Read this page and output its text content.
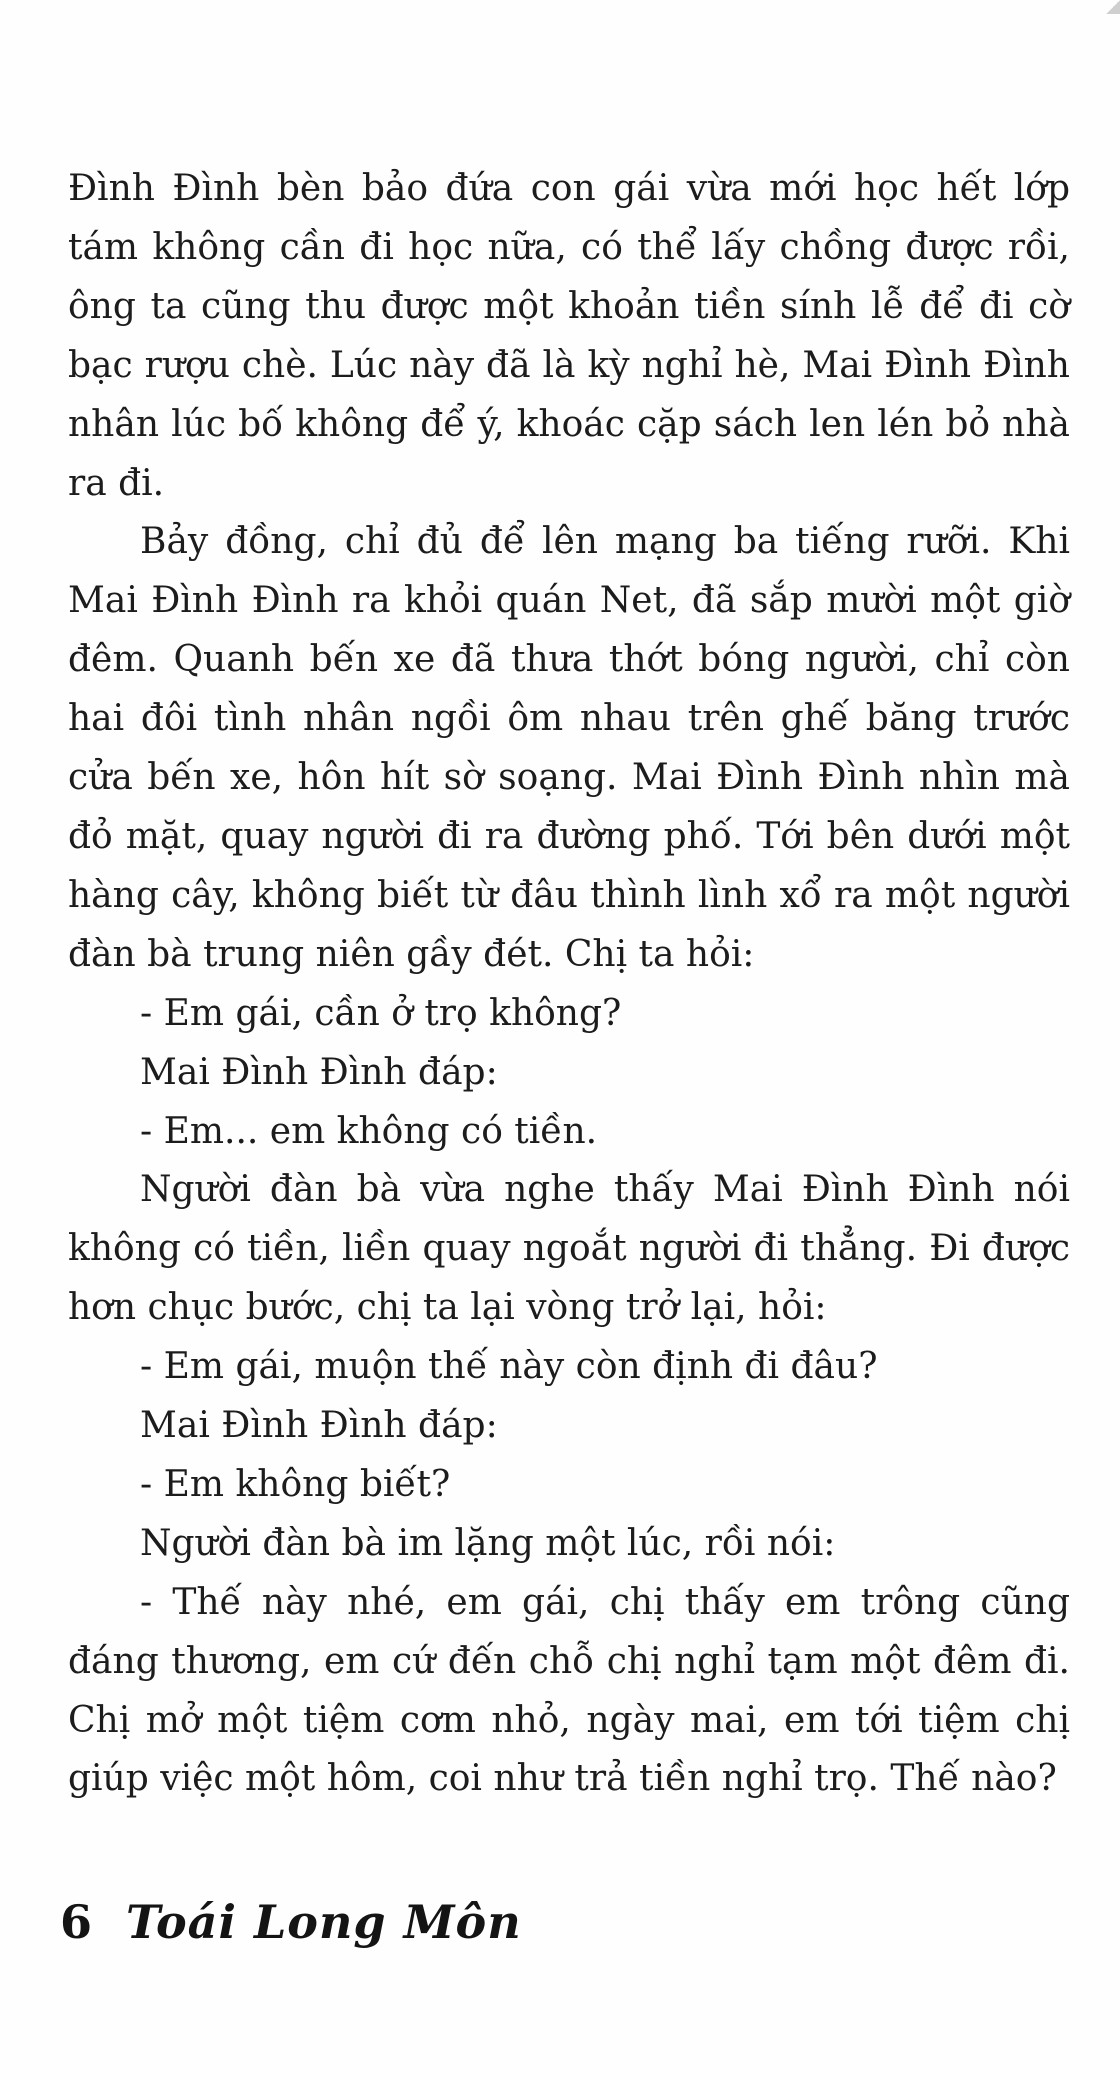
Đình Đình bèn bảo đứa con gái vừa mới học hết lớp tám không cần đi học nữa, có thể lấy chồng được rồi, ông ta cũng thu được một khoản tiền sính lễ để đi cờ bạc rượu chè. Lúc này đã là kỳ nghỉ hè, Mai Đình Đình nhân lúc bố không để ý, khoác cặp sách len lén bỏ nhà ra đi.

Bảy đồng, chỉ đủ để lên mạng ba tiếng rưỡi. Khi Mai Đình Đình ra khỏi quán Net, đã sắp mười một giờ đêm. Quanh bến xe đã thưa thớt bóng người, chỉ còn hai đôi tình nhân ngồi ôm nhau trên ghế băng trước cửa bến xe, hôn hít sờ soạng. Mai Đình Đình nhìn mà đỏ mặt, quay người đi ra đường phố. Tới bên dưới một hàng cây, không biết từ đâu thình lình xổ ra một người đàn bà trung niên gầy đét. Chị ta hỏi:

- Em gái, cần ở trọ không?

Mai Đình Đình đáp:

- Em... em không có tiền.

Người đàn bà vừa nghe thấy Mai Đình Đình nói không có tiền, liền quay ngoắt người đi thẳng. Đi được hơn chục bước, chị ta lại vòng trở lại, hỏi:

- Em gái, muộn thế này còn định đi đâu?

Mai Đình Đình đáp:

- Em không biết?

Người đàn bà im lặng một lúc, rồi nói:

- Thế này nhé, em gái, chị thấy em trông cũng đáng thương, em cứ đến chỗ chị nghỉ tạm một đêm đi. Chị mở một tiệm cơm nhỏ, ngày mai, em tới tiệm chị giúp việc một hôm, coi như trả tiền nghỉ trọ. Thế nào?

6 Toái Long Môn
